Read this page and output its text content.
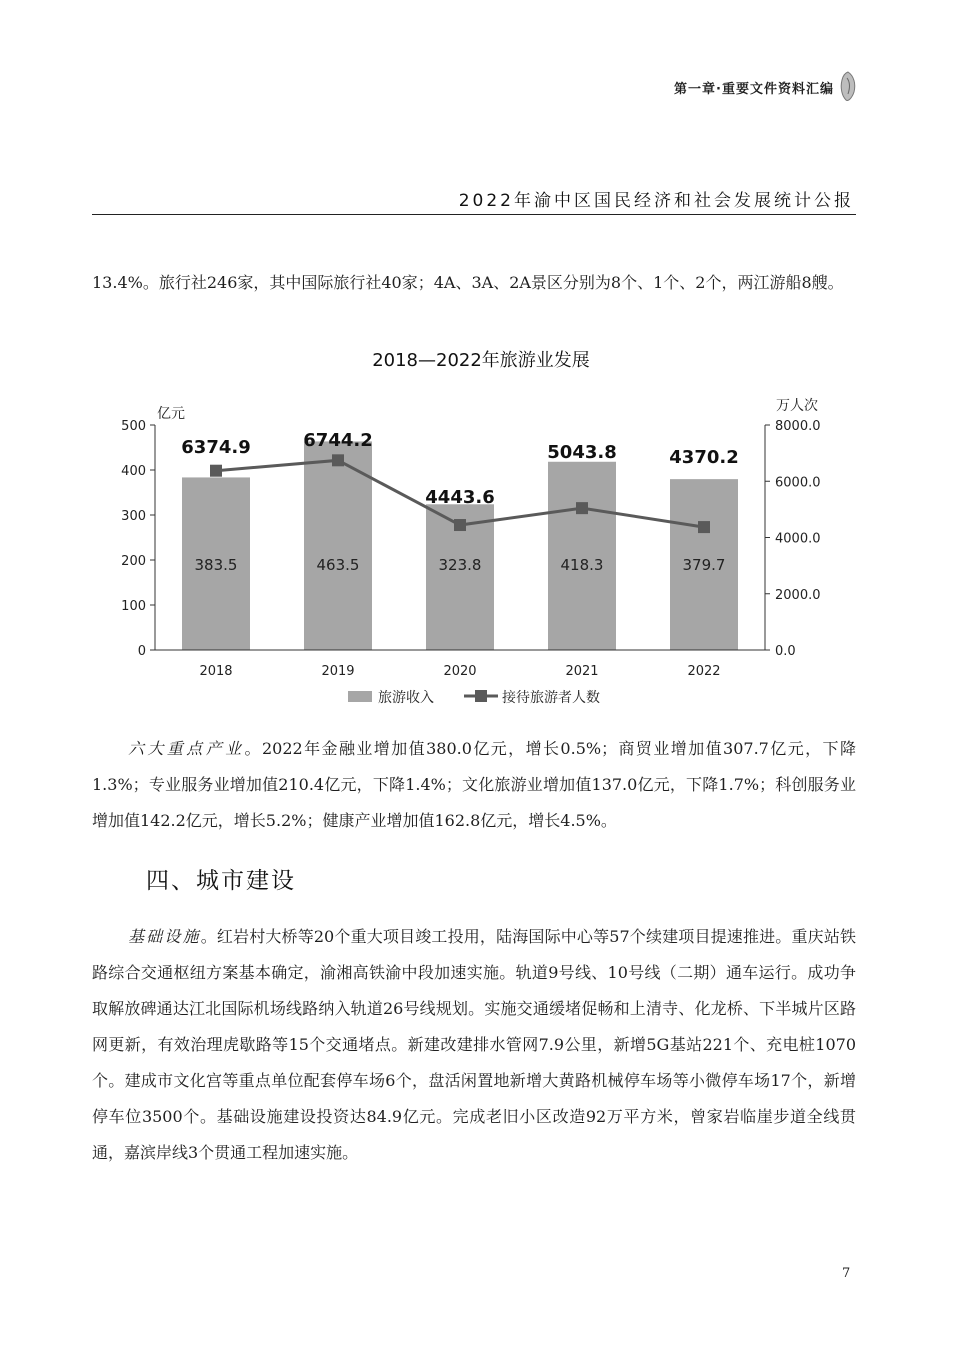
第一章·重要文件资料汇编
2022年渝中区国民经济和社会发展统计公报

13.4%。旅行社246家，其中国际旅行社40家；4A、3A、2A景区分别为8个、1个、2个，两江游船8艘。

2018—2022年旅游业发展
0
100
200
300
400
500
0.0
2000.0
4000.0
6000.0
8000.0
2018	2019	2020	2021	2022
亿元	万人次
383.5	463.5	323.8	418.3	379.7
6374.9	6744.2
4443.6
5043.8	4370.2
旅游收入	接待旅游者人数

六大重点产业。2022年金融业增加值380.0亿元，增长0.5%；商贸业增加值307.7亿元，下降1.3%；专业服务业增加值210.4亿元，下降1.4%；文化旅游业增加值137.0亿元，下降1.7%；科创服务业增加值142.2亿元，增长5.2%；健康产业增加值162.8亿元，增长4.5%。

四、城市建设

基础设施。红岩村大桥等20个重大项目竣工投用，陆海国际中心等57个续建项目提速推进。重庆站铁路综合交通枢纽方案基本确定，渝湘高铁渝中段加速实施。轨道9号线、10号线（二期）通车运行。成功争取解放碑通达江北国际机场线路纳入轨道26号线规划。实施交通缓堵促畅和上清寺、化龙桥、下半城片区路网更新，有效治理虎歇路等15个交通堵点。新建改建排水管网7.9公里，新增5G基站221个、充电桩1070个。建成市文化宫等重点单位配套停车场6个，盘活闲置地新增大黄路机械停车场等小微停车场17个，新增停车位3500个。基础设施建设投资达84.9亿元。完成老旧小区改造92万平方米，曾家岩临崖步道全线贯通，嘉滨岸线3个贯通工程加速实施。

7
